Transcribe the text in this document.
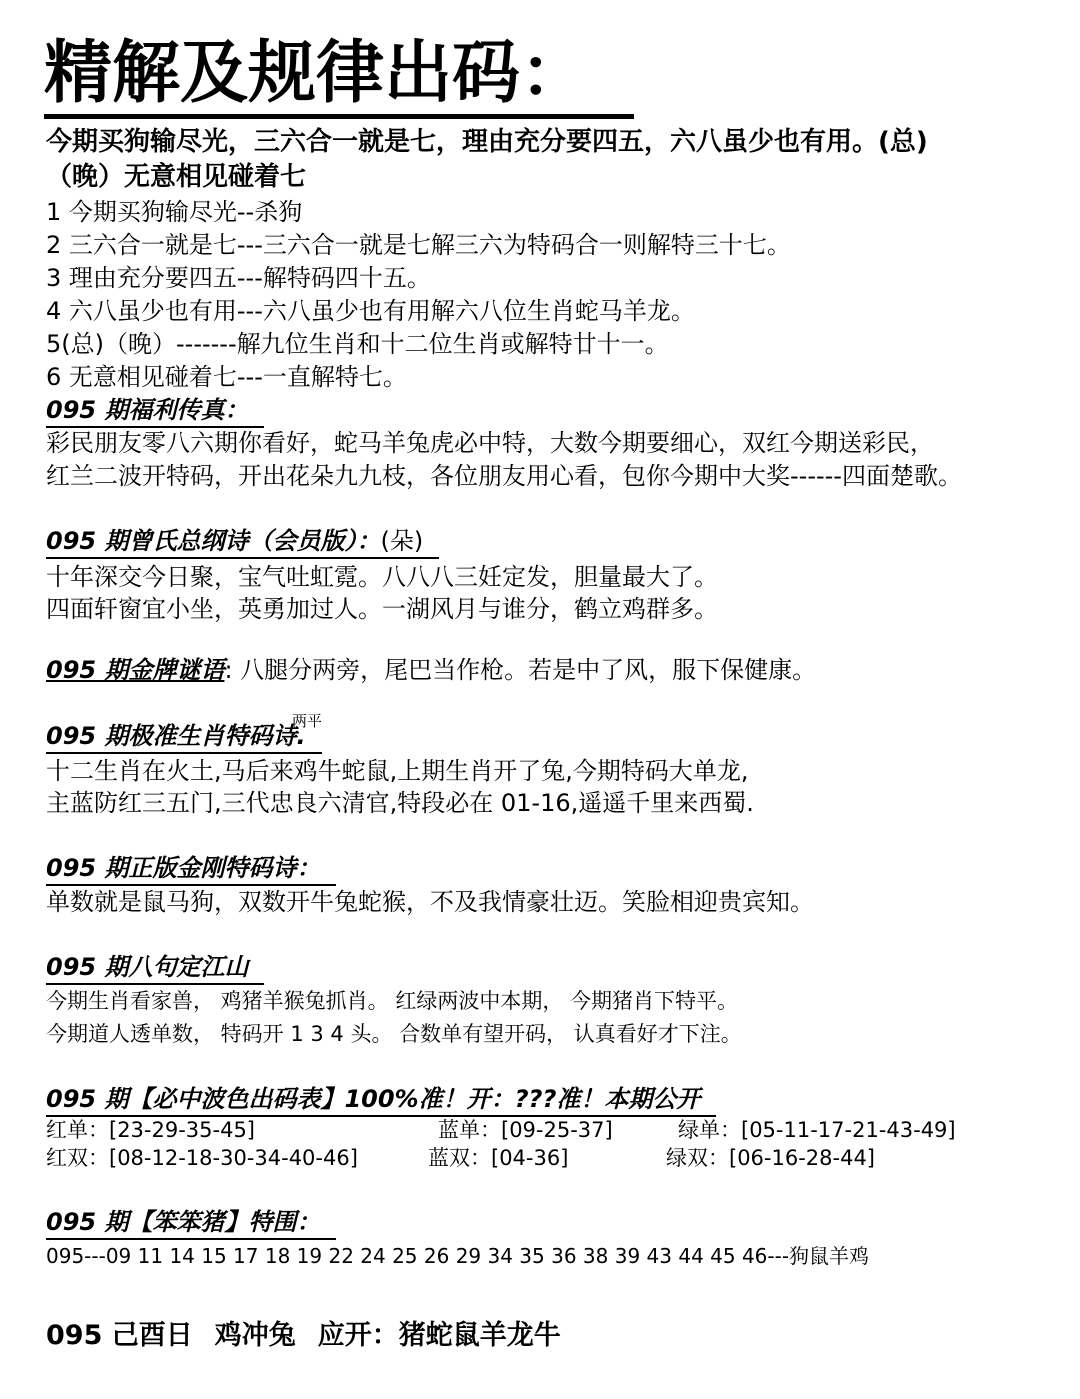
精解及规律出码：
今期买狗输尽光，三六合一就是七，理由充分要四五，六八虽少也有用。(总)
（晚）无意相见碰着七
1 今期买狗输尽光--杀狗
2 三六合一就是七---三六合一就是七解三六为特码合一则解特三十七。
3 理由充分要四五---解特码四十五。
4 六八虽少也有用---六八虽少也有用解六八位生肖蛇马羊龙。
5(总)（晚）-------解九位生肖和十二位生肖或解特廿十一。
6 无意相见碰着七---一直解特七。
095 期福利传真：
彩民朋友零八六期你看好，蛇马羊兔虎必中特，大数今期要细心，双红今期送彩民，
红兰二波开特码，开出花朵九九枝，各位朋友用心看，包你今期中大奖------四面楚歌。
095 期曾氏总纲诗（会员版）：(朵)
十年深交今日聚，宝气吐虹霓。八八八三妊定发，胆量最大了。
四面轩窗宜小坐，英勇加过人。一湖风月与谁分，鹤立鸡群多。
095 期金牌谜语: 八腿分两旁，尾巴当作枪。若是中了风，服下保健康。
095 期极准生肖特码诗.
两平
十二生肖在火土,马后来鸡牛蛇鼠,上期生肖开了兔,今期特码大单龙,
主蓝防红三五门,三代忠良六清官,特段必在 01-16,遥遥千里来西蜀.
095 期正版金刚特码诗：
单数就是鼠马狗，双数开牛兔蛇猴，不及我情豪壮迈。笑脸相迎贵宾知。
095 期八句定江山
今期生肖看家兽， 鸡猪羊猴兔抓肖。 红绿两波中本期， 今期猪肖下特平。
今期道人透单数， 特码开 1 3 4 头。 合数单有望开码， 认真看好才下注。
095 期【必中波色出码表】100%准！开：???准！本期公开
红单：[23-29-35-45]	蓝单：[09-25-37]	绿单：[05-11-17-21-43-49]
红双：[08-12-18-30-34-40-46]	蓝双：[04-36]	绿双：[06-16-28-44]
095 期【笨笨猪】特围：
095---09 11 14 15 17 18 19 22 24 25 26 29 34 35 36 38 39 43 44 45 46---狗鼠羊鸡
095 己酉日 鸡冲兔 应开：猪蛇鼠羊龙牛
